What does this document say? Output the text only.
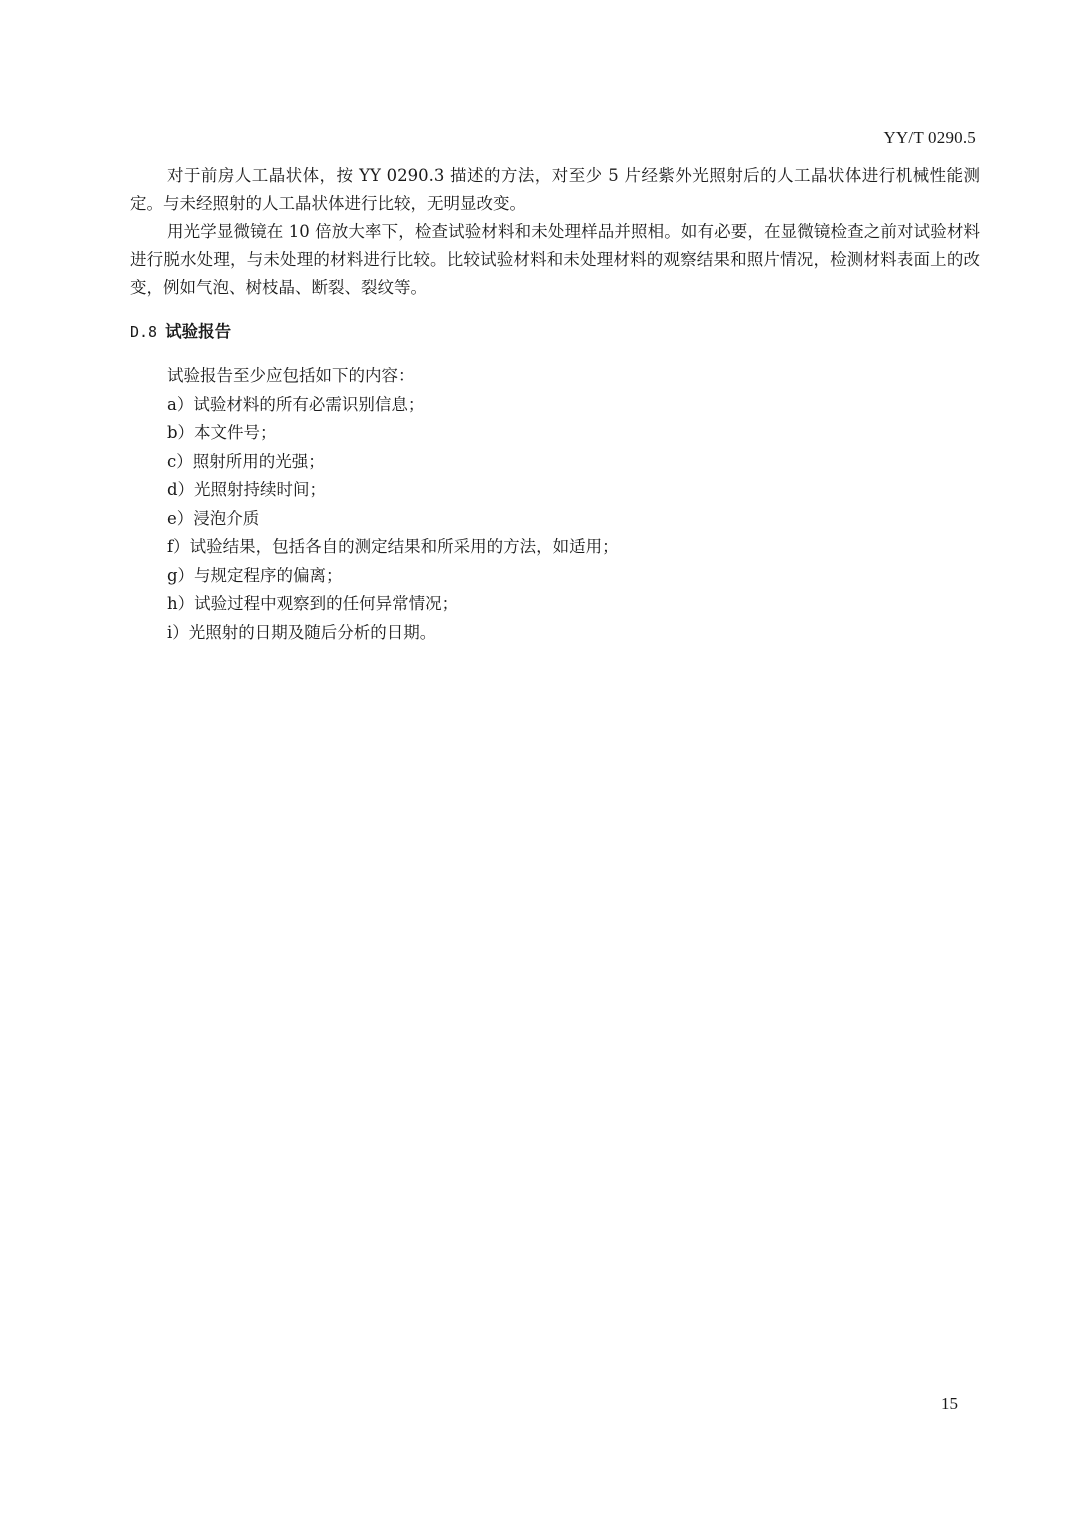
YY/T 0290.5

对于前房人工晶状体，按 YY 0290.3 描述的方法，对至少 5 片经紫外光照射后的人工晶状体进行机械性能测定。与未经照射的人工晶状体进行比较，无明显改变。

用光学显微镜在 10 倍放大率下，检查试验材料和未处理样品并照相。如有必要，在显微镜检查之前对试验材料进行脱水处理，与未处理的材料进行比较。比较试验材料和未处理材料的观察结果和照片情况，检测材料表面上的改变，例如气泡、树枝晶、断裂、裂纹等。

D.8 试验报告

试验报告至少应包括如下的内容：

a）试验材料的所有必需识别信息；
b）本文件号；
c）照射所用的光强；
d）光照射持续时间；
e）浸泡介质
f）试验结果，包括各自的测定结果和所采用的方法，如适用；
g）与规定程序的偏离；
h）试验过程中观察到的任何异常情况；
i）光照射的日期及随后分析的日期。
15
